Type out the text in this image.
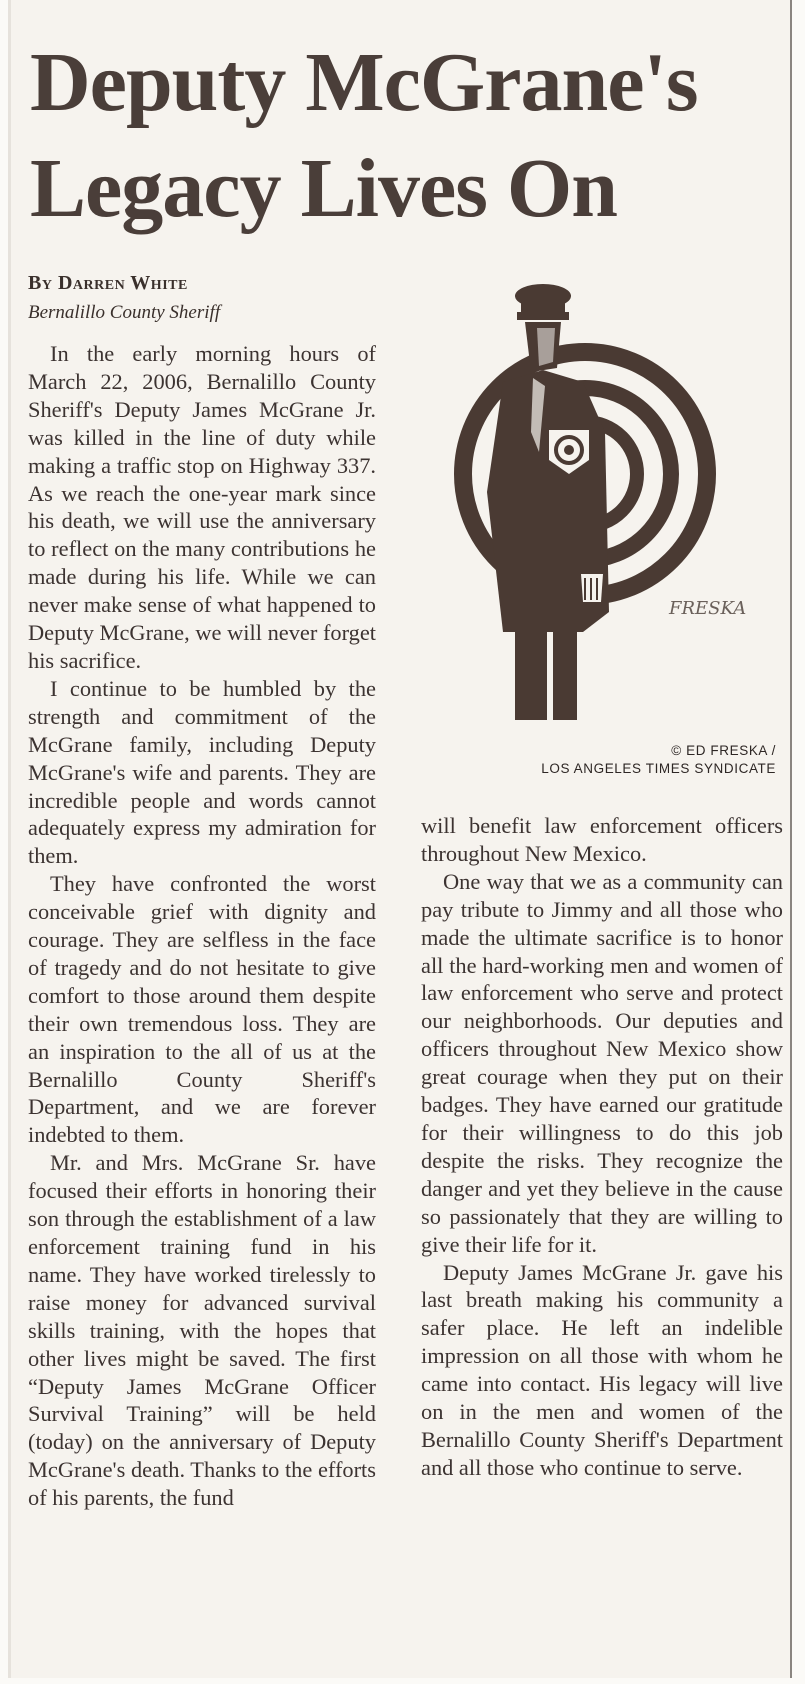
Deputy McGrane's Legacy Lives On
By Darren White
Bernalillo County Sheriff

In the early morning hours of March 22, 2006, Bernalillo County Sheriff's Deputy James McGrane Jr. was killed in the line of duty while making a traffic stop on Highway 337. As we reach the one-year mark since his death, we will use the anniversary to reflect on the many contributions he made during his life. While we can never make sense of what happened to Deputy McGrane, we will never forget his sacrifice.

I continue to be humbled by the strength and commitment of the McGrane family, including Deputy McGrane's wife and parents. They are incredible people and words cannot adequately express my admiration for them.

They have confronted the worst conceivable grief with dignity and courage. They are selfless in the face of tragedy and do not hesitate to give comfort to those around them despite their own tremendous loss. They are an inspiration to the all of us at the Bernalillo County Sheriff's Department, and we are forever indebted to them.

Mr. and Mrs. McGrane Sr. have focused their efforts in honoring their son through the establishment of a law enforcement training fund in his name. They have worked tirelessly to raise money for advanced survival skills training, with the hopes that other lives might be saved. The first “Deputy James McGrane Officer Survival Training” will be held (today) on the anniversary of Deputy McGrane's death. Thanks to the efforts of his parents, the fund

FRESKA
© ED FRESKA /
LOS ANGELES TIMES SYNDICATE

will benefit law enforcement officers throughout New Mexico.

One way that we as a community can pay tribute to Jimmy and all those who made the ultimate sacrifice is to honor all the hard-working men and women of law enforcement who serve and protect our neighborhoods. Our deputies and officers throughout New Mexico show great courage when they put on their badges. They have earned our gratitude for their willingness to do this job despite the risks. They recognize the danger and yet they believe in the cause so passionately that they are willing to give their life for it.

Deputy James McGrane Jr. gave his last breath making his community a safer place. He left an indelible impression on all those with whom he came into contact. His legacy will live on in the men and women of the Bernalillo County Sheriff's Department and all those who continue to serve.
